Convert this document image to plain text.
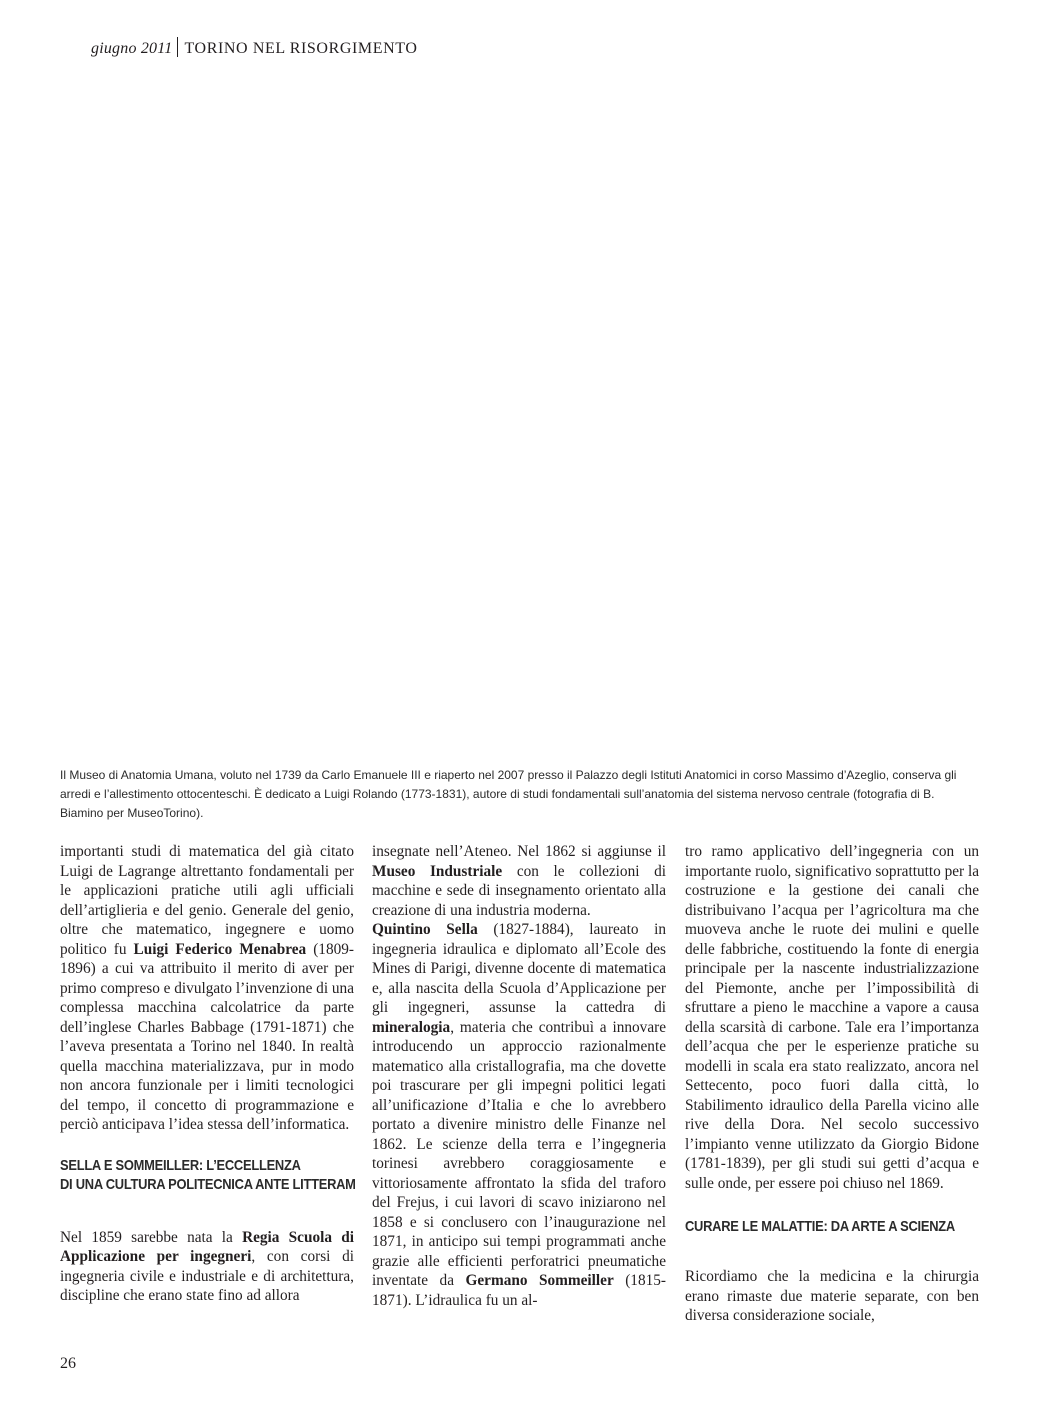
giugno 2011 TORINO NEL RISORGIMENTO
Il Museo di Anatomia Umana, voluto nel 1739 da Carlo Emanuele III e riaperto nel 2007 presso il Palazzo degli Istituti Anatomici in corso Massimo d’Azeglio, conserva gli arredi e l’allestimento ottocenteschi. È dedicato a Luigi Rolando (1773-1831), autore di studi fondamentali sull’anatomia del sistema nervoso centrale (fotografia di B. Biamino per MuseoTorino).

importanti studi di matematica del già citato Luigi de Lagrange altrettanto fondamentali per le applicazioni pratiche utili agli ufficiali dell’artiglieria e del genio. Generale del genio, oltre che matematico, ingegnere e uomo politico fu Luigi Federico Menabrea (1809-1896) a cui va attribuito il merito di aver per primo compreso e divulgato l’invenzione di una complessa macchina calcolatrice da parte dell’inglese Charles Babbage (1791-1871) che l’aveva presentata a Torino nel 1840. In realtà quella macchina materializzava, pur in modo non ancora funzionale per i limiti tecnologici del tempo, il concetto di programmazione e perciò anticipava l’idea stessa dell’informatica.

SELLA E SOMMEILLER: L’ECCELLENZA
DI UNA CULTURA POLITECNICA ANTE LITTERAM

Nel 1859 sarebbe nata la Regia Scuola di Applicazione per ingegneri, con corsi di ingegneria civile e industriale e di architettura, discipline che erano state fino ad allora

insegnate nell’Ateneo. Nel 1862 si aggiunse il Museo Industriale con le collezioni di macchine e sede di insegnamento orientato alla creazione di una industria moderna.

Quintino Sella (1827-1884), laureato in ingegneria idraulica e diplomato all’Ecole des Mines di Parigi, divenne docente di matematica e, alla nascita della Scuola d’Applicazione per gli ingegneri, assunse la cattedra di mineralogia, materia che contribuì a innovare introducendo un approccio razionalmente matematico alla cristallografia, ma che dovette poi trascurare per gli impegni politici legati all’unificazione d’Italia e che lo avrebbero portato a divenire ministro delle Finanze nel 1862. Le scienze della terra e l’ingegneria torinesi avrebbero coraggiosamente e vittoriosamente affrontato la sfida del traforo del Frejus, i cui lavori di scavo iniziarono nel 1858 e si conclusero con l’inaugurazione nel 1871, in anticipo sui tempi programmati anche grazie alle efficienti perforatrici pneumatiche inventate da Germano Sommeiller (1815-1871). L’idraulica fu un al-

tro ramo applicativo dell’ingegneria con un importante ruolo, significativo soprattutto per la costruzione e la gestione dei canali che distribuivano l’acqua per l’agricoltura ma che muoveva anche le ruote dei mulini e quelle delle fabbriche, costituendo la fonte di energia principale per la nascente industrializzazione del Piemonte, anche per l’impossibilità di sfruttare a pieno le macchine a vapore a causa della scarsità di carbone. Tale era l’importanza dell’acqua che per le esperienze pratiche su modelli in scala era stato realizzato, ancora nel Settecento, poco fuori dalla città, lo Stabilimento idraulico della Parella vicino alle rive della Dora. Nel secolo successivo l’impianto venne utilizzato da Giorgio Bidone (1781-1839), per gli studi sui getti d’acqua e sulle onde, per essere poi chiuso nel 1869.

CURARE LE MALATTIE: DA ARTE A SCIENZA

Ricordiamo che la medicina e la chirurgia erano rimaste due materie separate, con ben diversa considerazione sociale,

26
